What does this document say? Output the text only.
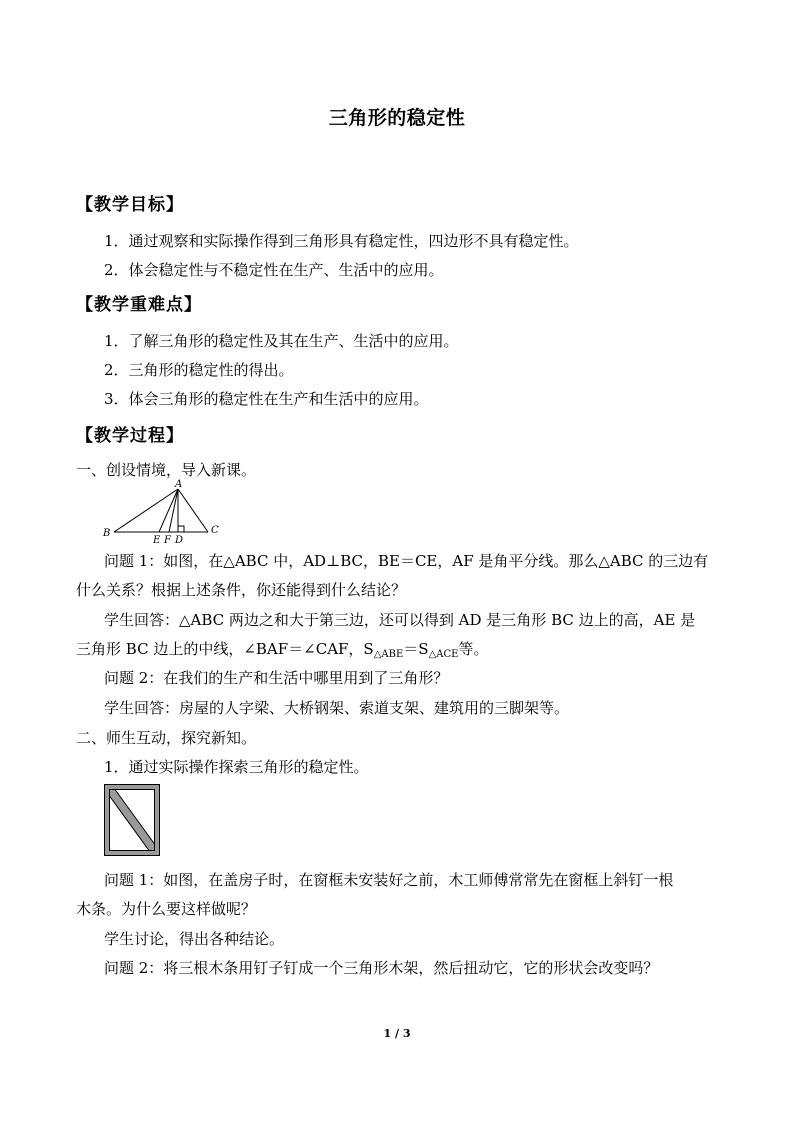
三角形的稳定性
【教学目标】
1．通过观察和实际操作得到三角形具有稳定性，四边形不具有稳定性。
2．体会稳定性与不稳定性在生产、生活中的应用。
【教学重难点】
1．了解三角形的稳定性及其在生产、生活中的应用。
2．三角形的稳定性的得出。
3．体会三角形的稳定性在生产和生活中的应用。
【教学过程】
一、创设情境，导入新课。
A
B	C
E F D
问题 1：如图，在△ABC 中，AD⊥BC，BE＝CE，AF 是角平分线。那么△ABC 的三边有
什么关系？根据上述条件，你还能得到什么结论？
学生回答：△ABC 两边之和大于第三边，还可以得到 AD 是三角形 BC 边上的高，AE 是
三角形 BC 边上的中线，∠BAF＝∠CAF，$S_{\triangle ABE}=S_{\triangle ACE}$等。
问题 2：在我们的生产和生活中哪里用到了三角形？
学生回答：房屋的人字梁、大桥钢架、索道支架、建筑用的三脚架等。
二、师生互动，探究新知。
1．通过实际操作探索三角形的稳定性。
问题 1：如图，在盖房子时，在窗框未安装好之前，木工师傅常常先在窗框上斜钉一根
木条。为什么要这样做呢？
学生讨论，得出各种结论。
问题 2：将三根木条用钉子钉成一个三角形木架，然后扭动它，它的形状会改变吗？
1 / 3
